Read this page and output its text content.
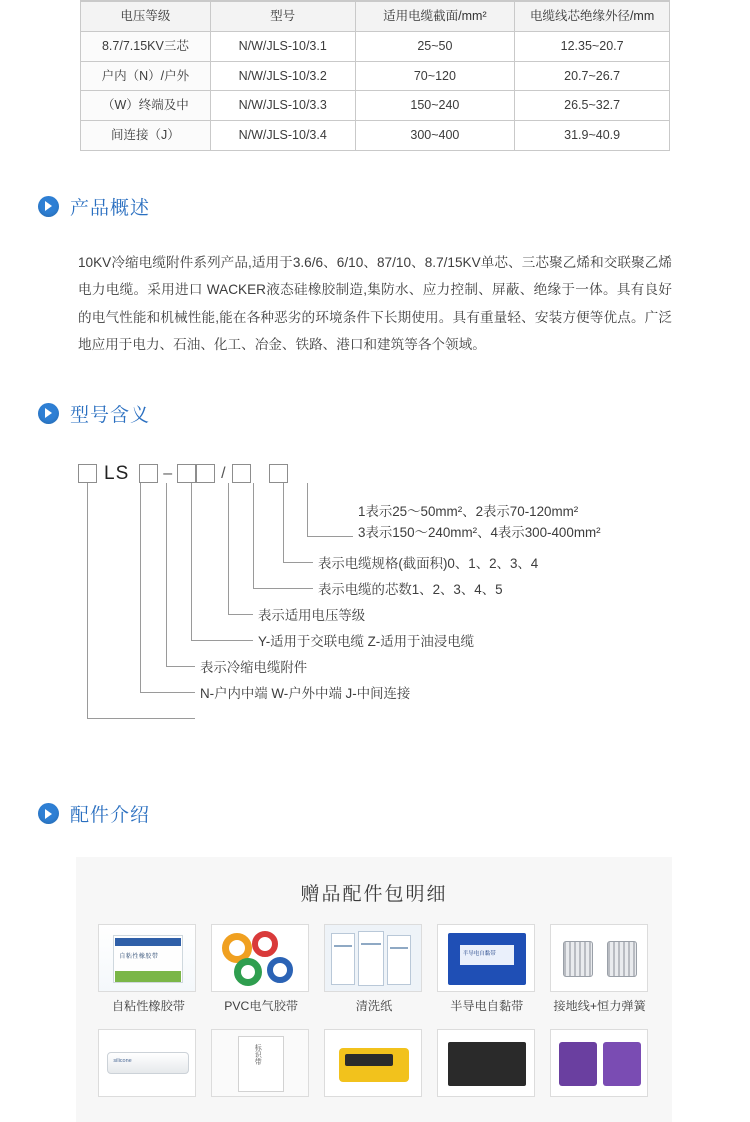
电压等级	型号	适用电缆截面/mm²	电缆线芯绝缘外径/mm
8.7/7.15KV三芯	N/W/JLS-10/3.1	25~50	12.35~20.7
户内（N）/户外	N/W/JLS-10/3.2	70~120	20.7~26.7
（W）终端及中	N/W/JLS-10/3.3	150~240	26.5~32.7
间连接（J）	N/W/JLS-10/3.4	300~400	31.9~40.9
产品概述

10KV冷缩电缆附件系列产品,适用于3.6/6、6/10、87/10、8.7/15KV单芯、三芯聚乙烯和交联聚乙烯电力电缆。采用进口 WACKER液态硅橡胶制造,集防水、应力控制、屏蔽、绝缘于一体。具有良好的电气性能和机械性能,能在各种恶劣的环境条件下长期使用。具有重量轻、安装方便等优点。广泛地应用于电力、石油、化工、冶金、铁路、港口和建筑等各个领域。

型号含义
LS –	/
1表示25～50mm²、2表示70-120mm²
3表示150～240mm²、4表示300-400mm²
表示电缆规格(截面积)0、1、2、3、4
表示电缆的芯数1、2、3、4、5
表示适用电压等级
Y-适用于交联电缆 Z-适用于油浸电缆
表示冷缩电缆附件
N-户内中端 W-户外中端 J-中间连接
配件介绍
赠品配件包明细
自粘性橡胶带
自粘性橡胶带	PVC电气胶带	清洗纸
半导电自黏带
半导电自黏带	接地线+恒力弹簧
silicone	标识带
